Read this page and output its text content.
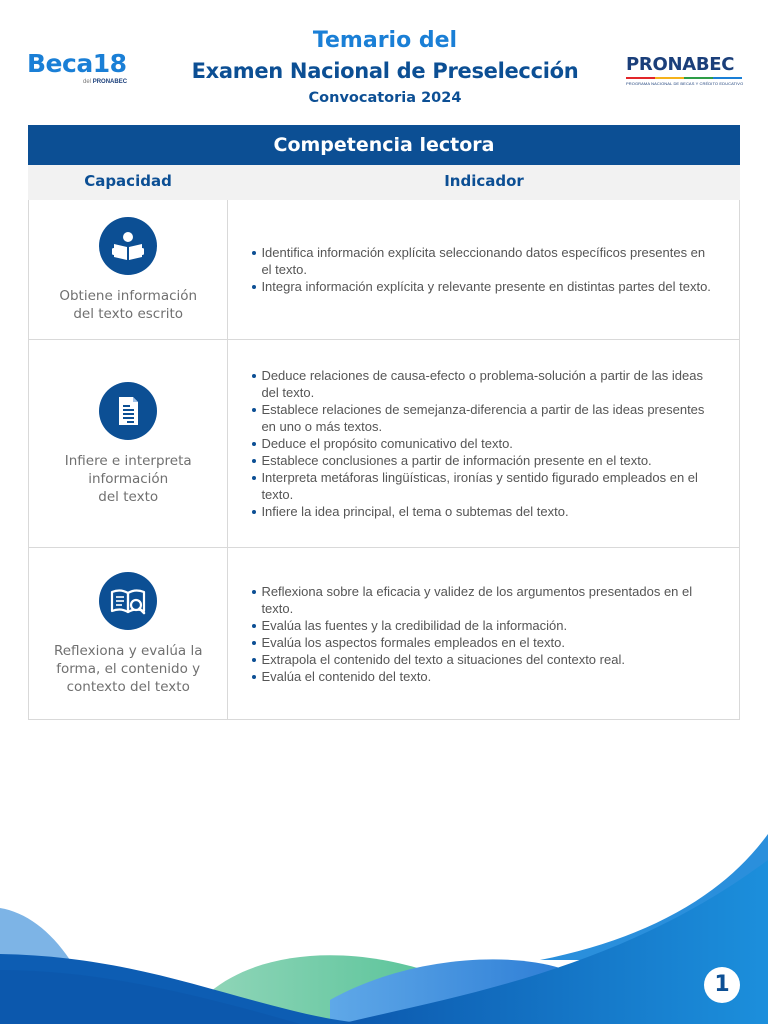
Beca18
del PRONABEC
Temario del
Examen Nacional de Preselección
Convocatoria 2024
PRONABEC
PROGRAMA NACIONAL DE BECAS Y CRÉDITO EDUCATIVO
Competencia lectora
Capacidad	Indicador
Obtiene información
del texto escrito
Identifica información explícita seleccionando datos específicos presentes en el texto.
Integra información explícita y relevante presente en distintas partes del texto.
Infiere e interpreta
información
del texto
Deduce relaciones de causa-efecto o problema-solución a partir de las ideas del texto.
Establece relaciones de semejanza-diferencia a partir de las ideas presentes en uno o más textos.
Deduce el propósito comunicativo del texto.
Establece conclusiones a partir de información presente en el texto.
Interpreta metáforas lingüísticas, ironías y sentido figurado empleados en el texto.
Infiere la idea principal, el tema o subtemas del texto.
Reflexiona y evalúa la
forma, el contenido y
contexto del texto
Reflexiona sobre la eficacia y validez de los argumentos presentados en el texto.
Evalúa las fuentes y la credibilidad de la información.
Evalúa los aspectos formales empleados en el texto.
Extrapola el contenido del texto a situaciones del contexto real.
Evalúa el contenido del texto.
1
